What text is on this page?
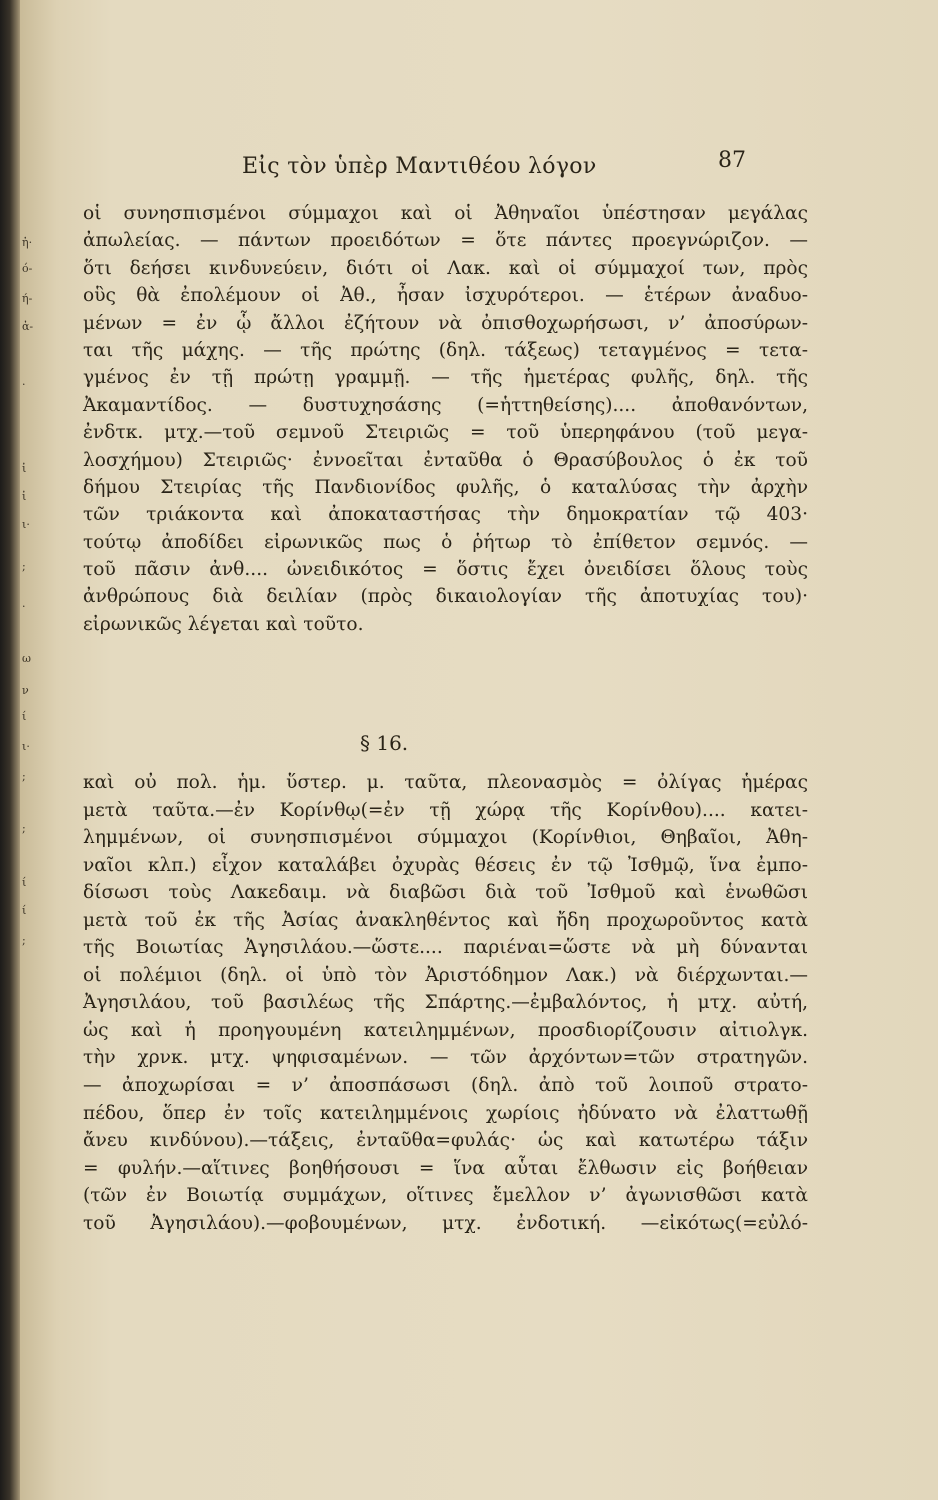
ἡ·
ό-
ή-
ἀ-
·
ἰ
ἰ
ι·
;
·
ω
ν
ί
ι·
;
;
ί
ί
;
Εἰς τὸν ὑπὲρ Μαντιθέου λόγον	87
οἱ συνησπισμένοι σύμμαχοι καὶ οἱ Ἀθηναῖοι ὑπέστησαν μεγάλας
ἀπωλείας. — πάντων προειδότων = ὅτε πάντες προεγνώριζον. —
ὅτι δεήσει κινδυνεύειν, διότι οἱ Λακ. καὶ οἱ σύμμαχοί των, πρὸς
οὓς θὰ ἐπολέμουν οἱ Ἀθ., ἦσαν ἰσχυρότεροι. — ἑτέρων ἀναδυο-
μένων = ἐν ᾧ ἄλλοι ἐζήτουν νὰ ὀπισθοχωρήσωσι, ν’ ἀποσύρων-
ται τῆς μάχης. — τῆς πρώτης (δηλ. τάξεως) τεταγμένος = τετα-
γμένος ἐν τῇ πρώτῃ γραμμῇ. — τῆς ἡμετέρας φυλῆς, δηλ. τῆς
Ἀκαμαντίδος. — δυστυχησάσης (=ἡττηθείσης).... ἀποθανόντων,
ἐνδτκ. μτχ.—τοῦ σεμνοῦ Στειριῶς = τοῦ ὑπερηφάνου (τοῦ μεγα-
λοσχήμου) Στειριῶς· ἐννοεῖται ἐνταῦθα ὁ Θρασύβουλος ὁ ἐκ τοῦ
δήμου Στειρίας τῆς Πανδιονίδος φυλῆς, ὁ καταλύσας τὴν ἀρχὴν
τῶν τριάκοντα καὶ ἀποκαταστήσας τὴν δημοκρατίαν τῷ 403·
τούτῳ ἀποδίδει εἰρωνικῶς πως ὁ ῥήτωρ τὸ ἐπίθετον σεμνός. —
τοῦ πᾶσιν ἀνθ.... ὠνειδικότος = ὅστις ἔχει ὀνειδίσει ὅλους τοὺς
ἀνθρώπους διὰ δειλίαν (πρὸς δικαιολογίαν τῆς ἀποτυχίας του)·
εἰρωνικῶς λέγεται καὶ τοῦτο.
§ 16.
καὶ οὐ πολ. ἡμ. ὕστερ. μ. ταῦτα, πλεονασμὸς = ὀλίγας ἡμέρας
μετὰ ταῦτα.—ἐν Κορίνθῳ(=ἐν τῇ χώρᾳ τῆς Κορίνθου).... κατει-
λημμένων, οἱ συνησπισμένοι σύμμαχοι (Κορίνθιοι, Θηβαῖοι, Ἀθη-
ναῖοι κλπ.) εἶχον καταλάβει ὀχυρὰς θέσεις ἐν τῷ Ἰσθμῷ, ἵνα ἐμπο-
δίσωσι τοὺς Λακεδαιμ. νὰ διαβῶσι διὰ τοῦ Ἰσθμοῦ καὶ ἑνωθῶσι
μετὰ τοῦ ἐκ τῆς Ἀσίας ἀνακληθέντος καὶ ἤδη προχωροῦντος κατὰ
τῆς Βοιωτίας Ἀγησιλάου.—ὥστε.... παριέναι=ὥστε νὰ μὴ δύνανται
οἱ πολέμιοι (δηλ. οἱ ὑπὸ τὸν Ἀριστόδημον Λακ.) νὰ διέρχωνται.—
Ἀγησιλάου, τοῦ βασιλέως τῆς Σπάρτης.—ἐμβαλόντος, ἡ μτχ. αὐτή,
ὡς καὶ ἡ προηγουμένη κατειλημμένων, προσδιορίζουσιν αἰτιολγκ.
τὴν χρνκ. μτχ. ψηφισαμένων. — τῶν ἀρχόντων=τῶν στρατηγῶν.
— ἀποχωρίσαι = ν’ ἀποσπάσωσι (δηλ. ἀπὸ τοῦ λοιποῦ στρατο-
πέδου, ὅπερ ἐν τοῖς κατειλημμένοις χωρίοις ἠδύνατο νὰ ἐλαττωθῇ
ἄνευ κινδύνου).—τάξεις, ἐνταῦθα=φυλάς· ὡς καὶ κατωτέρω τάξιν
= φυλήν.—αἵτινες βοηθήσουσι = ἵνα αὗται ἔλθωσιν εἰς βοήθειαν
(τῶν ἐν Βοιωτίᾳ συμμάχων, οἵτινες ἔμελλον ν’ ἀγωνισθῶσι κατὰ
τοῦ Ἀγησιλάου).—φοβουμένων, μτχ. ἐνδοτική. —εἰκότως(=εὐλό-
